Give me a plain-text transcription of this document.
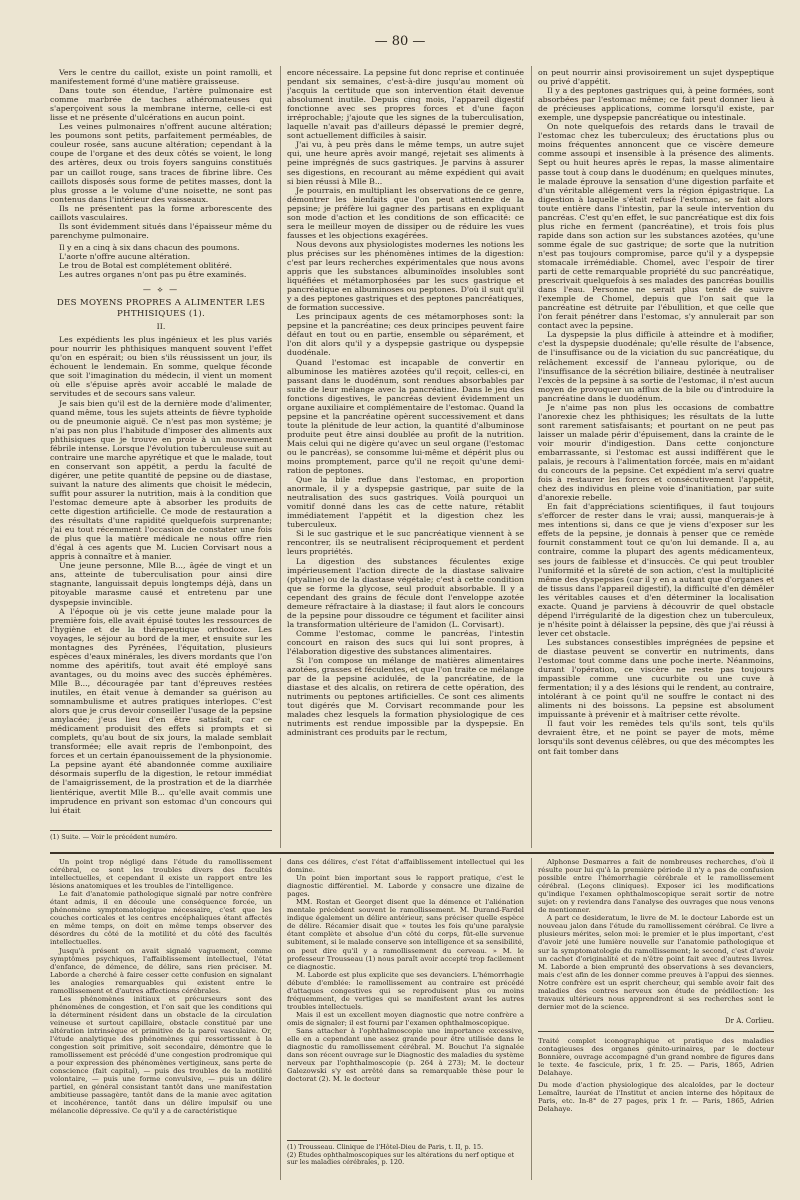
— 80 —

Vers le centre du caillot, existe un point ramolli, et manifestement formé d'une matière graisseuse.

Dans toute son étendue, l'artère pulmonaire est comme marbrée de taches athéromateuses qui s'aperçoivent sous la membrane interne, celle-ci est lisse et ne présente d'ulcérations en aucun point.

Les veines pulmonaires n'offrent aucune altération; les poumons sont petits, parfaitement perméables, de couleur rosée, sans aucune altération; cependant à la coupe de l'organe et des deux côtés se voient, le long des artères, deux ou trois foyers sanguins constitués par un caillot rouge, sans traces de fibrine libre. Ces caillots disposés sous forme de petites masses, dont la plus grosse a le volume d'une noisette, ne sont pas contenus dans l'intérieur des vaisseaux.

Ils ne présentent pas la forme arborescente des caillots vasculaires.

Ils sont évidemment situés dans l'épaisseur même du parenchyme pulmonaire.

Il y en a cinq à six dans chacun des poumons.

L'aorte n'offre aucune altération.

Le trou de Botal est complétement oblitéré.

Les autres organes n'ont pas pu être examinés.

— ⟡ —
DES MOYENS PROPRES A ALIMENTER LES PHTHISIQUES (1).
II.

Les expédients les plus ingénieux et les plus variés pour nourrir les phthisiques manquent souvent l'effet qu'on en espérait; ou bien s'ils réussissent un jour, ils échouent le lendemain. En somme, quelque féconde que soit l'imagination du médecin, il vient un moment où elle s'épuise après avoir accablé le malade de servitudes et de secours sans valeur.

Je sais bien qu'il est de la dernière mode d'alimenter, quand même, tous les sujets atteints de fièvre typhoïde ou de pneumonie aiguë. Ce n'est pas mon système; je n'ai pas non plus l'habitude d'imposer des aliments aux phthisiques que je trouve en proie à un mouvement fébrile intense. Lorsque l'évolution tuberculeuse suit au contraire une marche apyrétique et que le malade, tout en conservant son appétit, a perdu la faculté de digérer, une petite quantité de pepsine ou de diastase, suivant la nature des aliments que choisit le médecin, suffit pour assurer la nutrition, mais à la condition que l'estomac demeure apte à absorber les produits de cette digestion artificielle. Ce mode de restauration a des résultats d'une rapidité quelquefois surprenante; j'ai eu tout récemment l'occasion de constater une fois de plus que la matière médicale ne nous offre rien d'égal à ces agents que M. Lucien Corvisart nous a appris à connaître et à manier.

Une jeune personne, Mlle B..., âgée de vingt et un ans, atteinte de tuberculisation pour ainsi dire stagnante, languissait depuis longtemps déjà, dans un pitoyable marasme causé et entretenu par une dyspepsie invincible.

A l'époque où je vis cette jeune malade pour la première fois, elle avait épuisé toutes les ressources de l'hygiène et de la thérapeutique orthodoxe. Les voyages, le séjour au bord de la mer, et ensuite sur les montagnes des Pyrénées, l'équitation, plusieurs espèces d'eaux minérales, les divers mordants que l'on nomme des apéritifs, tout avait été employé sans avantages, ou du moins avec des succès éphémères. Mlle B..., découragée par tant d'épreuves restées inutiles, en était venue à demander sa guérison au somnambulisme et autres pratiques interlopes. C'est alors que je crus devoir conseiller l'usage de la pepsine amylacée; j'eus lieu d'en être satisfait, car ce médicament produisit des effets si prompts et si complets, qu'au bout de six jours, la malade semblait transformée; elle avait repris de l'embonpoint, des forces et un certain épanouissement de la physionomie. La pepsine ayant été abandonnée comme auxiliaire désormais superflu de la digestion, le retour immédiat de l'amaigrissement, de la prostration et de la diarrhée lientérique, avertit Mlle B... qu'elle avait commis une imprudence en privant son estomac d'un concours qui lui était

(1) Suite. — Voir le précédent numéro.

encore nécessaire. La pepsine fut donc reprise et continuée pendant six semaines, c'est-à-dire jusqu'au moment où j'acquis la certitude que son intervention était devenue absolument inutile. Depuis cinq mois, l'appareil digestif fonctionne avec ses propres forces et d'une façon irréprochable; j'ajoute que les signes de la tuberculisation, laquelle n'avait pas d'ailleurs dépassé le premier degré, sont actuellement difficiles à saisir.

J'ai vu, à peu près dans le même temps, un autre sujet qui, une heure après avoir mangé, rejetait ses aliments à peine imprégnés de sucs gastriques. Je parvins à assurer ses digestions, en recourant au même expédient qui avait si bien réussi à Mlle B...

Je pourrais, en multipliant les observations de ce genre, démontrer les bienfaits que l'on peut attendre de la pepsine; je préfère lui gagner des partisans en expliquant son mode d'action et les conditions de son efficacité: ce sera le meilleur moyen de dissiper ou de réduire les vues fausses et les objections exagérées.

Nous devons aux physiologistes modernes les notions les plus précises sur les phénomènes intimes de la digestion: c'est par leurs recherches expérimentales que nous avons appris que les substances albuminoïdes insolubles sont liquéfiées et métamorphosées par les sucs gastrique et pancréatique en albuminoses ou peptones. D'où il suit qu'il y a des peptones gastriques et des peptones pancréatiques, de formation successive.

Les principaux agents de ces métamorphoses sont: la pepsine et la pancréatine; ces deux principes peuvent faire défaut en tout ou en partie, ensemble ou séparément, et l'on dit alors qu'il y a dyspepsie gastrique ou dyspepsie duodénale.

Quand l'estomac est incapable de convertir en albuminose les matières azotées qu'il reçoit, celles-ci, en passant dans le duodénum, sont rendues absorbables par suite de leur mélange avec la pancréatine. Dans le jeu des fonctions digestives, le pancréas devient évidemment un organe auxiliaire et complémentaire de l'estomac. Quand la pepsine et la pancréatine opèrent successivement et dans toute la plénitude de leur action, la quantité d'albuminose produite peut être ainsi doublée au profit de la nutrition. Mais celui qui ne digère qu'avec un seul organe (l'estomac ou le pancréas), se consomme lui-même et dépérit plus ou moins promptement, parce qu'il ne reçoit qu'une demi-ration de peptones.

Que la bile reflue dans l'estomac, en proportion anormale, il y a dyspepsie gastrique, par suite de la neutralisation des sucs gastriques. Voilà pourquoi un vomitif donné dans les cas de cette nature, rétablit immédiatement l'appétit et la digestion chez les tuberculeux.

Si le suc gastrique et le suc pancréatique viennent à se rencontrer, ils se neutralisent réciproquement et perdent leurs propriétés.

La digestion des substances féculentes exige impérieusement l'action directe de la diastase salivaire (ptyaline) ou de la diastase végétale; c'est à cette condition que se forme la glycose, seul produit absorbable. Il y a cependant des grains de fécule dont l'enveloppe azotée demeure réfractaire à la diastase; il faut alors le concours de la pepsine pour dissoudre ce tégument et faciliter ainsi la transformation ultérieure de l'amidon (L. Corvisart).

Comme l'estomac, comme le pancréas, l'intestin concourt en raison des sucs qui lui sont propres, à l'élaboration digestive des substances alimentaires.

Si l'on compose un mélange de matières alimentaires azotées, grasses et féculentes, et que l'on traite ce mélange par de la pepsine acidulée, de la pancréatine, de la diastase et des alcalis, on retirera de cette opération, des nutriments ou peptones artificielles. Ce sont ces aliments tout digérés que M. Corvisart recommande pour les malades chez lesquels la formation physiologique de ces nutriments est rendue impossible par la dyspepsie. En administrant ces produits par le rectum,

on peut nourrir ainsi provisoirement un sujet dyspeptique ou privé d'appétit.

Il y a des peptones gastriques qui, à peine formées, sont absorbées par l'estomac même; ce fait peut donner lieu à de précieuses applications, comme lorsqu'il existe, par exemple, une dyspepsie pancréatique ou intestinale.

On note quelquefois des retards dans le travail de l'estomac chez les tuberculeux; des éructations plus ou moins fréquentes annoncent que ce viscère demeure comme assoupi et insensible à la présence des aliments. Sept ou huit heures après le repas, la masse alimentaire passe tout à coup dans le duodénum; en quelques minutes, le malade éprouve la sensation d'une digestion parfaite et d'un véritable allégement vers la région épigastrique. La digestion à laquelle s'était refusé l'estomac, se fait alors toute entière dans l'intestin, par la seule intervention du pancréas. C'est qu'en effet, le suc pancréatique est dix fois plus riche en ferment (pancréatine), et trois fois plus rapide dans son action sur les substances azotées, qu'une somme égale de suc gastrique; de sorte que la nutrition n'est pas toujours compromise, parce qu'il y a dyspepsie stomacale irrémédiable. Chomel, avec l'espoir de tirer parti de cette remarquable propriété du suc pancréatique, prescrivait quelquefois à ses malades des pancréas bouillis dans l'eau. Personne ne serait plus tenté de suivre l'exemple de Chomel, depuis que l'on sait que la pancréatine est détruite par l'ébullition, et que celle que l'on ferait pénétrer dans l'estomac, s'y annulerait par son contact avec la pepsine.

La dyspepsie la plus difficile à atteindre et à modifier, c'est la dyspepsie duodénale; qu'elle résulte de l'absence, de l'insuffisance ou de la viciation du suc pancréatique, du relâchement excessif de l'anneau pylorique, ou de l'insuffisance de la sécrétion biliaire, destinée à neutraliser l'excès de la pepsine à sa sortie de l'estomac, il n'est aucun moyen de provoquer un afflux de la bile ou d'introduire la pancréatine dans le duodénum.

Je n'aime pas non plus les occasions de combattre l'anorexie chez les phthisiques; les résultats de la lutte sont rarement satisfaisants; et pourtant on ne peut pas laisser un malade périr d'épuisement, dans la crainte de le voir mourir d'indigestion. Dans cette conjoncture embarrassante, si l'estomac est aussi indifférent que le palais, je recours à l'alimentation forcée, mais en m'aidant du concours de la pepsine. Cet expédient m'a servi quatre fois à restaurer les forces et consécutivement l'appétit, chez des individus en pleine voie d'inanitiation, par suite d'anorexie rebelle.

En fait d'appréciations scientifiques, il faut toujours s'efforcer de rester dans le vrai; aussi, manquerais-je à mes intentions si, dans ce que je viens d'exposer sur les effets de la pepsine, je donnais à penser que ce remède fournit constamment tout ce qu'on lui demande. Il a, au contraire, comme la plupart des agents médicamenteux, ses jours de faiblesse et d'insuccès. Ce qui peut troubler l'uniformité et la sûreté de son action, c'est la multiplicité même des dyspepsies (car il y en a autant que d'organes et de tissus dans l'appareil digestif), la difficulté d'en démêler les véritables causes et d'en déterminer la localisation exacte. Quand je parviens à découvrir de quel obstacle dépend l'irrégularité de la digestion chez un tuberculeux, je n'hésite point à délaisser la pepsine, dès que j'ai réussi à lever cet obstacle.

Les substances consestibles imprégnées de pepsine et de diastase peuvent se convertir en nutriments, dans l'estomac tout comme dans une poche inerte. Néanmoins, durant l'opération, ce viscère ne reste pas toujours impassible comme une cucurbite ou une cuve à fermentation; il y a des lésions qui le rendent, au contraire, intolérant à ce point qu'il ne souffre le contact ni des aliments ni des boissons. La pepsine est absolument impuissante à prévenir et à maîtriser cette révolte.

Il faut voir les remèdes tels qu'ils sont, tels qu'ils devraient être, et ne point se payer de mots, même lorsqu'ils sont devenus célèbres, ou que des mécomptes les ont fait tomber dans

Un point trop négligé dans l'étude du ramollissement cérébral, ce sont les troubles divers des facultés intellectuelles, et cependant il existe un rapport entre les lésions anatomiques et les troubles de l'intelligence.

Le fait d'anatomie pathologique signalé par notre confrère étant admis, il en découle une conséquence forcée, un phénomène symptomatologique nécessaire, c'est que les couches corticales et les centres encéphaliques étant affectés en même temps, on doit en même temps observer des désordres du côté de la motilité et du côté des facultés intellectuelles.

Jusqu'à présent on avait signalé vaguement, comme symptômes psychiques, l'affaiblissement intellectuel, l'état d'enfance, de démence, de délire, sans rien préciser. M. Laborde a cherché à faire cesser cette confusion en signalant les analogies remarquables qui existent entre le ramollissement et d'autres affections cérébrales.

Les phénomènes initiaux et précurseurs sont des phénomènes de congestion, et l'on sait que les conditions qui la déterminent résident dans un obstacle de la circulation veineuse et surtout capillaire, obstacle constitué par une altération intrinsèque et primitive de la paroi vasculaire. Or, l'étude analytique des phénomènes qui ressortissent à la congestion soit primitive, soit secondaire, démontre que le ramollissement est précédé d'une congestion prodromique qui a pour expression des phénomènes vertigineux, sans perte de conscience (fait capital), — puis des troubles de la motilité volontaire, — puis une forme convulsive, — puis un délire partiel, en général consistant tantôt dans une manifestation ambitieuse passagère, tantôt dans de la manie avec agitation et incohérence, tantôt dans un délire impulsif ou une mélancolie dépressive. Ce qu'il y a de caractéristique

dans ces délires, c'est l'état d'affaiblissement intellectuel qui les domine.

Un point bien important sous le rapport pratique, c'est le diagnostic différentiel. M. Laborde y consacre une dizaine de pages.

MM. Rostan et Georget disent que la démence et l'aliénation mentale précèdent souvent le ramollissement. M. Durand-Fardel indique également un délire antérieur, sans préciser quelle espèce de délire. Récamier disait que « toutes les fois qu'une paralysie étant complète et absolue d'un côté du corps, fût-elle survenue subitement, si le malade conserve son intelligence et sa sensibilité, on peut dire qu'il y a ramollissement du cerveau. » M. le professeur Trousseau (1) nous paraît avoir accepté trop facilement ce diagnostic.

M. Laborde est plus explicite que ses devanciers. L'hémorrhagie débute d'emblée: le ramollissement au contraire est précédé d'attaques congestives qui se reproduisent plus ou moins fréquemment, de vertiges qui se manifestent avant les autres troubles intellectuels.

Mais il est un excellent moyen diagnostic que notre confrère a omis de signaler; il est fourni par l'examen ophthalmoscopique.

Sans attacher à l'ophthalmoscopie une importance excessive, elle en a cependant une assez grande pour être utilisée dans le diagnostic du ramollissement cérébral. M. Bouchut l'a signalée dans son récent ouvrage sur le Diagnostic des maladies du système nerveux par l'ophthalmoscopie (p. 264 à 273); M. le docteur Galezowski s'y est arrêté dans sa remarquable thèse pour le doctorat (2). M. le docteur

(1) Trousseau. Clinique de l'Hôtel-Dieu de Paris, t. II, p. 15.
(2) Études ophthalmoscopiques sur les altérations du nerf optique et sur les maladies cérébrales, p. 120.

Alphonse Desmarres a fait de nombreuses recherches, d'où il résulte pour lui qu'à la première période il n'y a pas de confusion possible entre l'hémorrhagie cérébrale et le ramollissement cérébral. (Leçons cliniques). Exposer ici les modifications qu'indique l'examen ophthalmoscopique serait sortir de notre sujet: on y reviendra dans l'analyse des ouvrages que nous venons de mentionner.

A part ce desideratum, le livre de M. le docteur Laborde est un nouveau jalon dans l'étude du ramollissement cérébral. Ce livre a plusieurs mérites, selon moi: le premier et le plus important, c'est d'avoir jeté une lumière nouvelle sur l'anatomie pathologique et sur la symptomatologie du ramollissement; le second, c'est d'avoir un cachet d'originalité et de n'être point fait avec d'autres livres. M. Laborde a bien emprunté des observations à ses devanciers, mais c'est afin de les donner comme preuves à l'appui des siennes. Notre confrère est un esprit chercheur, qui semble avoir fait des maladies des centres nerveux son étude de prédilection: les travaux ultérieurs nous apprendront si ses recherches sont le dernier mot de la science.

Dr A. Corlieu.

Traité complet iconographique et pratique des maladies contagieuses des organes génito-urinaires, par le docteur Bonnière, ouvrage accompagné d'un grand nombre de figures dans le texte. 4e fascicule, prix, 1 fr. 25. — Paris, 1865, Adrien Delahaye.

Du mode d'action physiologique des alcaloïdes, par le docteur Lemaître, lauréat de l'Institut et ancien interne des hôpitaux de Paris, etc. In-8° de 27 pages, prix 1 fr. — Paris, 1865, Adrien Delahaye.
